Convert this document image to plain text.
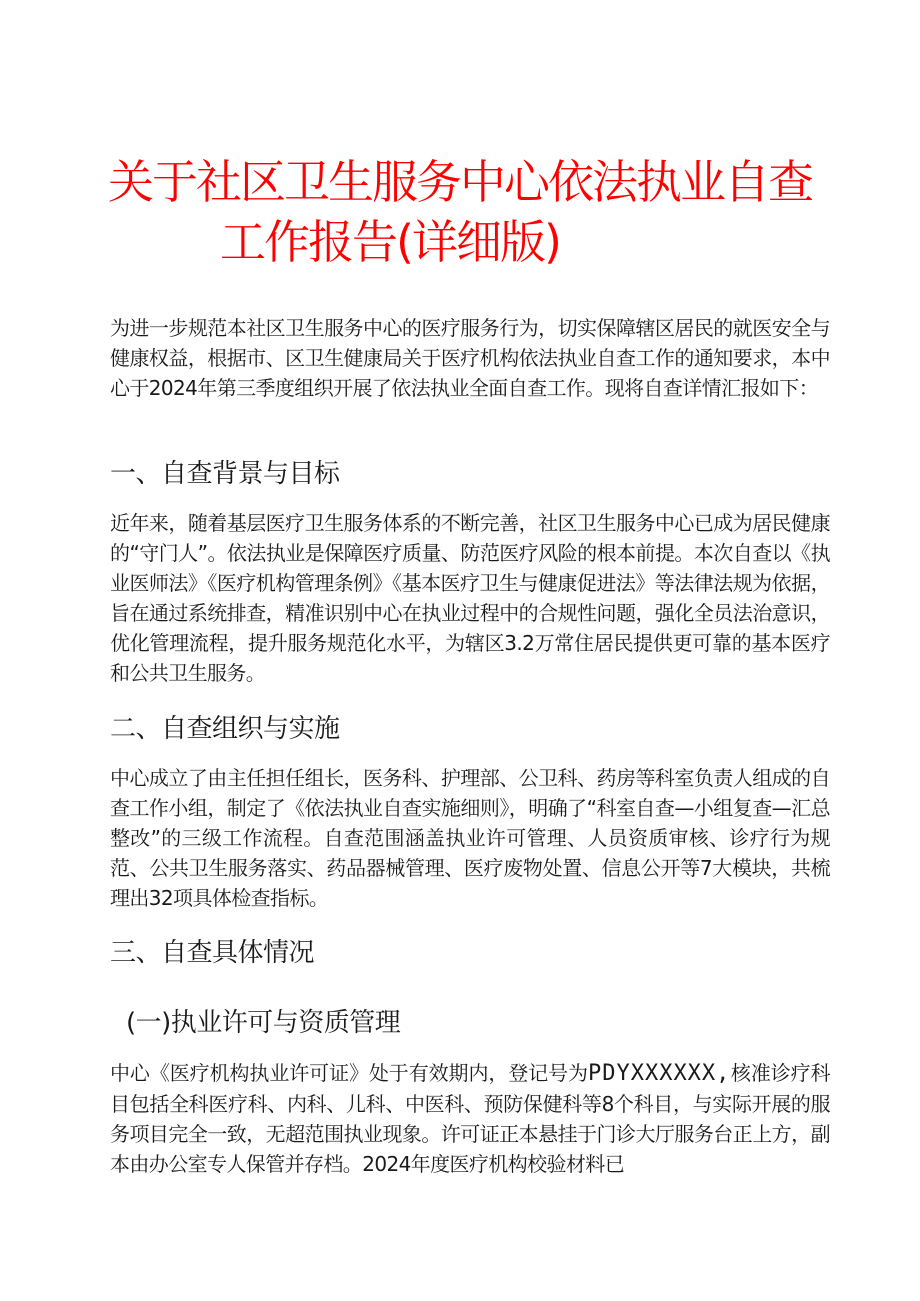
关于社区卫生服务中心依法执业自查
工作报告(详细版)
为进一步规范本社区卫生服务中心的医疗服务行为，切实保障辖区居民的就医安全与健康权益，根据市、区卫生健康局关于医疗机构依法执业自查工作的通知要求，本中心于2024年第三季度组织开展了依法执业全面自查工作。现将自查详情汇报如下：
一、自查背景与目标
近年来，随着基层医疗卫生服务体系的不断完善，社区卫生服务中心已成为居民健康的“守门人”。依法执业是保障医疗质量、防范医疗风险的根本前提。本次自查以《执业医师法》《医疗机构管理条例》《基本医疗卫生与健康促进法》等法律法规为依据，旨在通过系统排查，精准识别中心在执业过程中的合规性问题，强化全员法治意识，优化管理流程，提升服务规范化水平，为辖区3.2万常住居民提供更可靠的基本医疗和公共卫生服务。
二、自查组织与实施
中心成立了由主任担任组长，医务科、护理部、公卫科、药房等科室负责人组成的自查工作小组，制定了《依法执业自查实施细则》，明确了“科室自查—小组复查—汇总整改”的三级工作流程。自查范围涵盖执业许可管理、人员资质审核、诊疗行为规范、公共卫生服务落实、药品器械管理、医疗废物处置、信息公开等7大模块，共梳理出32项具体检查指标。
三、自查具体情况
(一)执业许可与资质管理
中心《医疗机构执业许可证》处于有效期内，登记号为PDYXXXXXX,核准诊疗科目包括全科医疗科、内科、儿科、中医科、预防保健科等8个科目，与实际开展的服务项目完全一致，无超范围执业现象。许可证正本悬挂于门诊大厅服务台正上方，副本由办公室专人保管并存档。2024年度医疗机构校验材料已
